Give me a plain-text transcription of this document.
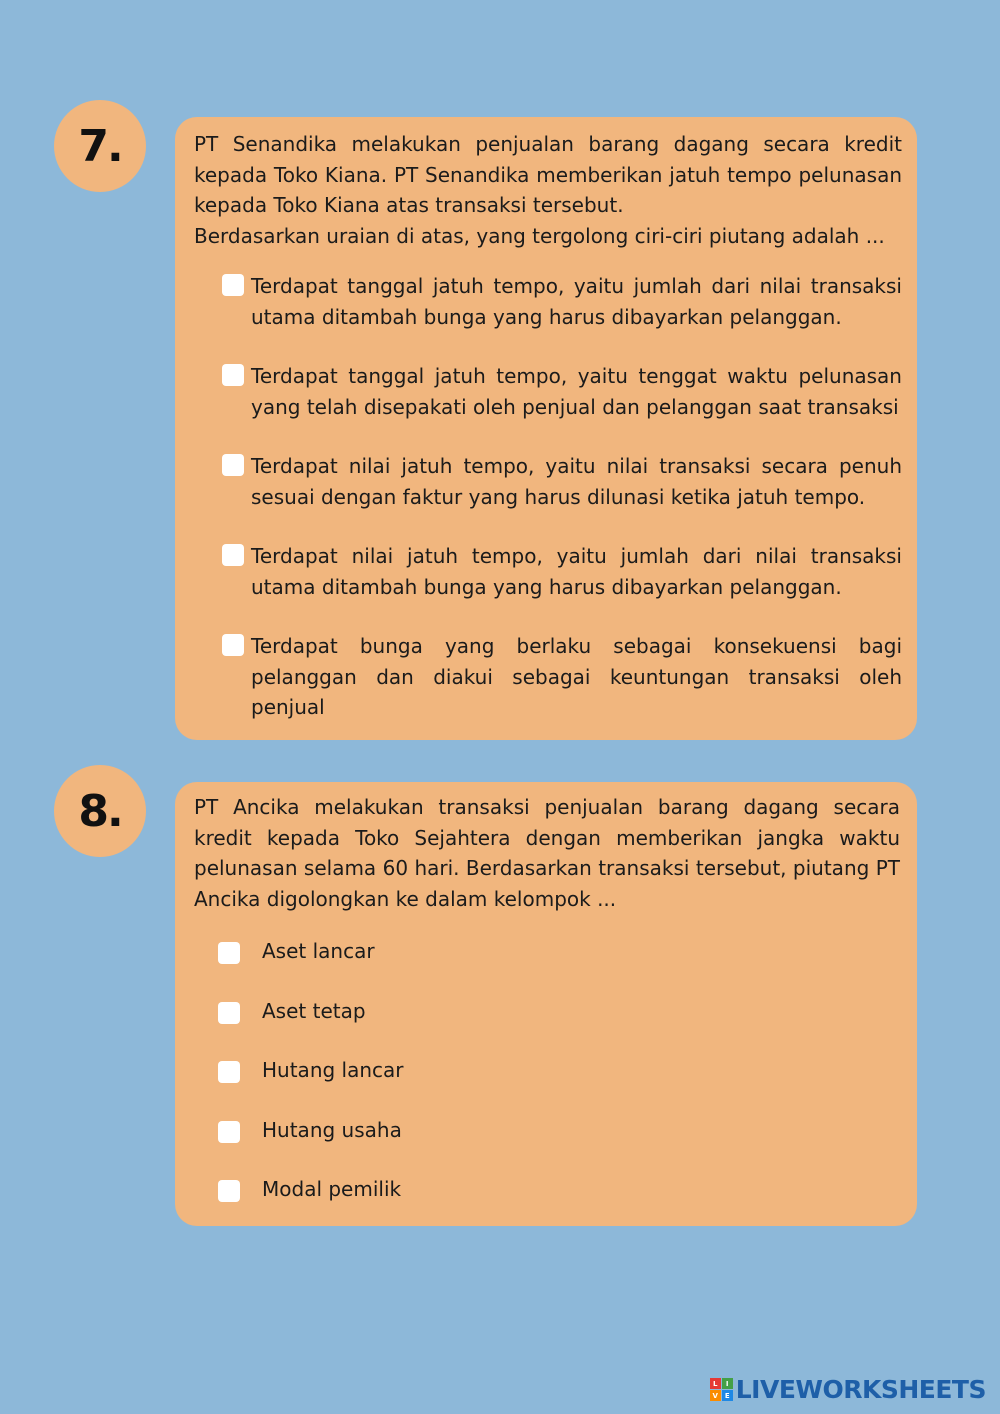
7.	PT Senandika melakukan penjualan barang dagang secara kredit kepada Toko Kiana. PT Senandika memberikan jatuh tempo pelunasan kepada Toko Kiana atas transaksi tersebut.

Berdasarkan uraian di atas, yang tergolong ciri-ciri piutang adalah ...

Terdapat tanggal jatuh tempo, yaitu jumlah dari nilai transaksi utama ditambah bunga yang harus dibayarkan pelanggan.
Terdapat tanggal jatuh tempo, yaitu tenggat waktu pelunasan yang telah disepakati oleh penjual dan pelanggan saat transaksi
Terdapat nilai jatuh tempo, yaitu nilai transaksi secara penuh sesuai dengan faktur yang harus dilunasi ketika jatuh tempo.
Terdapat nilai jatuh tempo, yaitu jumlah dari nilai transaksi utama ditambah bunga yang harus dibayarkan pelanggan.
Terdapat bunga yang berlaku sebagai konsekuensi bagi pelanggan dan diakui sebagai keuntungan transaksi oleh penjual
8.	PT Ancika melakukan transaksi penjualan barang dagang secara kredit kepada Toko Sejahtera dengan memberikan jangka waktu pelunasan selama 60 hari. Berdasarkan transaksi tersebut, piutang PT Ancika digolongkan ke dalam kelompok ...

Aset lancar
Aset tetap
Hutang lancar
Hutang usaha
Modal pemilik
L	I
V E LIVEWORKSHEETS
